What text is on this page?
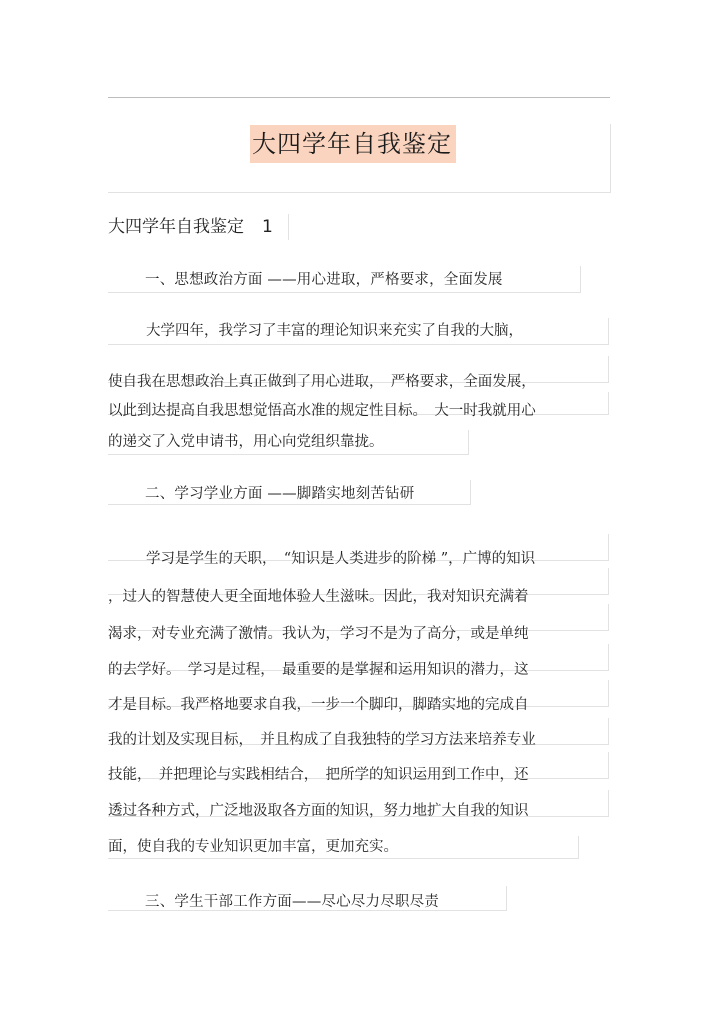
大四学年自我鉴定
大四学年自我鉴定 1
一、思想政治方面 ——用心进取，严格要求，全面发展
大学四年，我学习了丰富的理论知识来充实了自我的大脑，
使自我在思想政治上真正做到了用心进取，　严格要求，全面发展，
以此到达提高自我思想觉悟高水准的规定性目标。　大一时我就用心
的递交了入党申请书，用心向党组织靠拢。
二、学习学业方面 ——脚踏实地刻苦钻研
学习是学生的天职，　“知识是人类进步的阶梯 ”，广博的知识
，过人的智慧使人更全面地体验人生滋味。因此，我对知识充满着
渴求，对专业充满了激情。我认为，学习不是为了高分，或是单纯
的去学好。　学习是过程，　最重要的是掌握和运用知识的潜力，这
才是目标。我严格地要求自我，一步一个脚印，脚踏实地的完成自
我的计划及实现目标，　并且构成了自我独特的学习方法来培养专业
技能，　并把理论与实践相结合，　把所学的知识运用到工作中，还
透过各种方式，广泛地汲取各方面的知识，努力地扩大自我的知识
面，使自我的专业知识更加丰富，更加充实。
三、学生干部工作方面——尽心尽力尽职尽责
